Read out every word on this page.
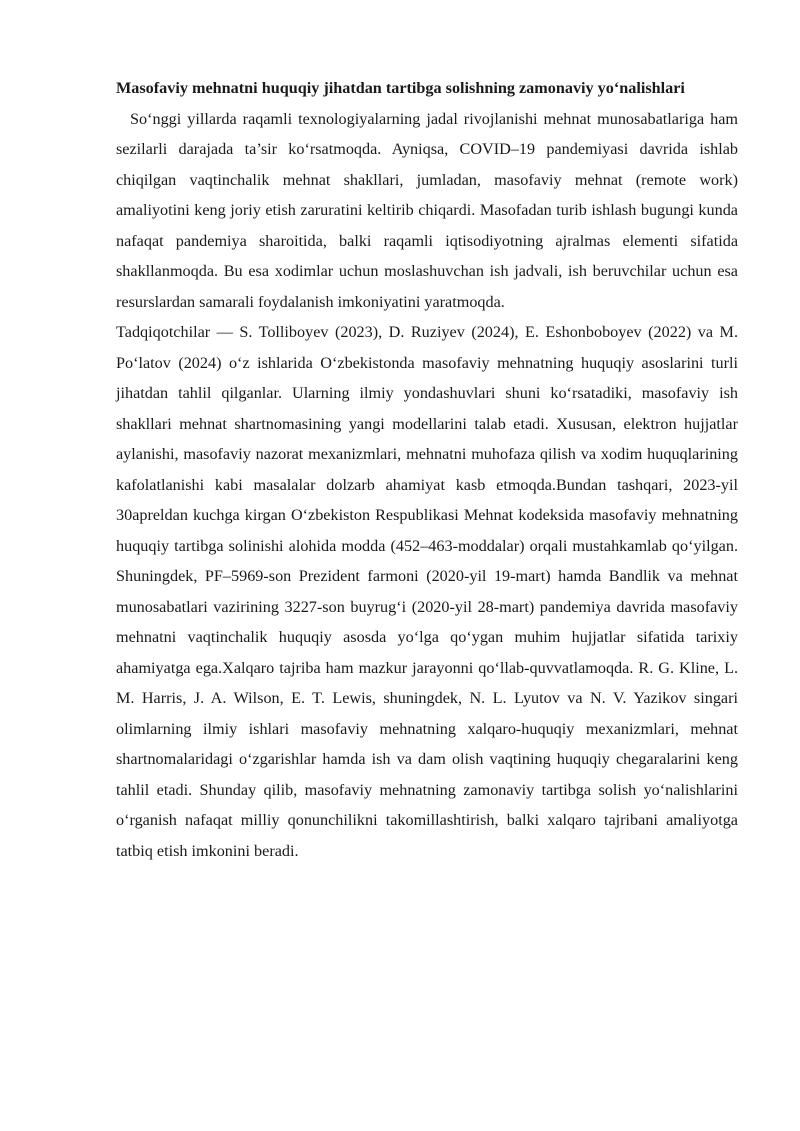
Masofaviy mehnatni huquqiy jihatdan tartibga solishning zamonaviy yo‘nalishlari

So‘nggi yillarda raqamli texnologiyalarning jadal rivojlanishi mehnat munosabatlariga ham sezilarli darajada ta’sir ko‘rsatmoqda. Ayniqsa, COVID–19 pandemiyasi davrida ishlab chiqilgan vaqtinchalik mehnat shakllari, jumladan, masofaviy mehnat (remote work) amaliyotini keng joriy etish zaruratini keltirib chiqardi. Masofadan turib ishlash bugungi kunda nafaqat pandemiya sharoitida, balki raqamli iqtisodiyotning ajralmas elementi sifatida shakllanmoqda. Bu esa xodimlar uchun moslashuvchan ish jadvali, ish beruvchilar uchun esa resurslardan samarali foydalanish imkoniyatini yaratmoqda.

Tadqiqotchilar — S. Tolliboyev (2023), D. Ruziyev (2024), E. Eshonboboyev (2022) va M. Po‘latov (2024) o‘z ishlarida O‘zbekistonda masofaviy mehnatning huquqiy asoslarini turli jihatdan tahlil qilganlar. Ularning ilmiy yondashuvlari shuni ko‘rsatadiki, masofaviy ish shakllari mehnat shartnomasining yangi modellarini talab etadi. Xususan, elektron hujjatlar aylanishi, masofaviy nazorat mexanizmlari, mehnatni muhofaza qilish va xodim huquqlarining kafolatlanishi kabi masalalar dolzarb ahamiyat kasb etmoqda.Bundan tashqari, 2023-yil 30apreldan kuchga kirgan O‘zbekiston Respublikasi Mehnat kodeksida masofaviy mehnatning huquqiy tartibga solinishi alohida modda (452–463-moddalar) orqali mustahkamlab qo‘yilgan. Shuningdek, PF–5969-son Prezident farmoni (2020-yil 19-mart) hamda Bandlik va mehnat munosabatlari vazirining 3227-son buyrug‘i (2020-yil 28-mart) pandemiya davrida masofaviy mehnatni vaqtinchalik huquqiy asosda yo‘lga qo‘ygan muhim hujjatlar sifatida tarixiy ahamiyatga ega.Xalqaro tajriba ham mazkur jarayonni qo‘llab-quvvatlamoqda. R. G. Kline, L. M. Harris, J. A. Wilson, E. T. Lewis, shuningdek, N. L. Lyutov va N. V. Yazikov singari olimlarning ilmiy ishlari masofaviy mehnatning xalqaro-huquqiy mexanizmlari, mehnat shartnomalaridagi o‘zgarishlar hamda ish va dam olish vaqtining huquqiy chegaralarini keng tahlil etadi. Shunday qilib, masofaviy mehnatning zamonaviy tartibga solish yo‘nalishlarini o‘rganish nafaqat milliy qonunchilikni takomillashtirish, balki xalqaro tajribani amaliyotga tatbiq etish imkonini beradi.
